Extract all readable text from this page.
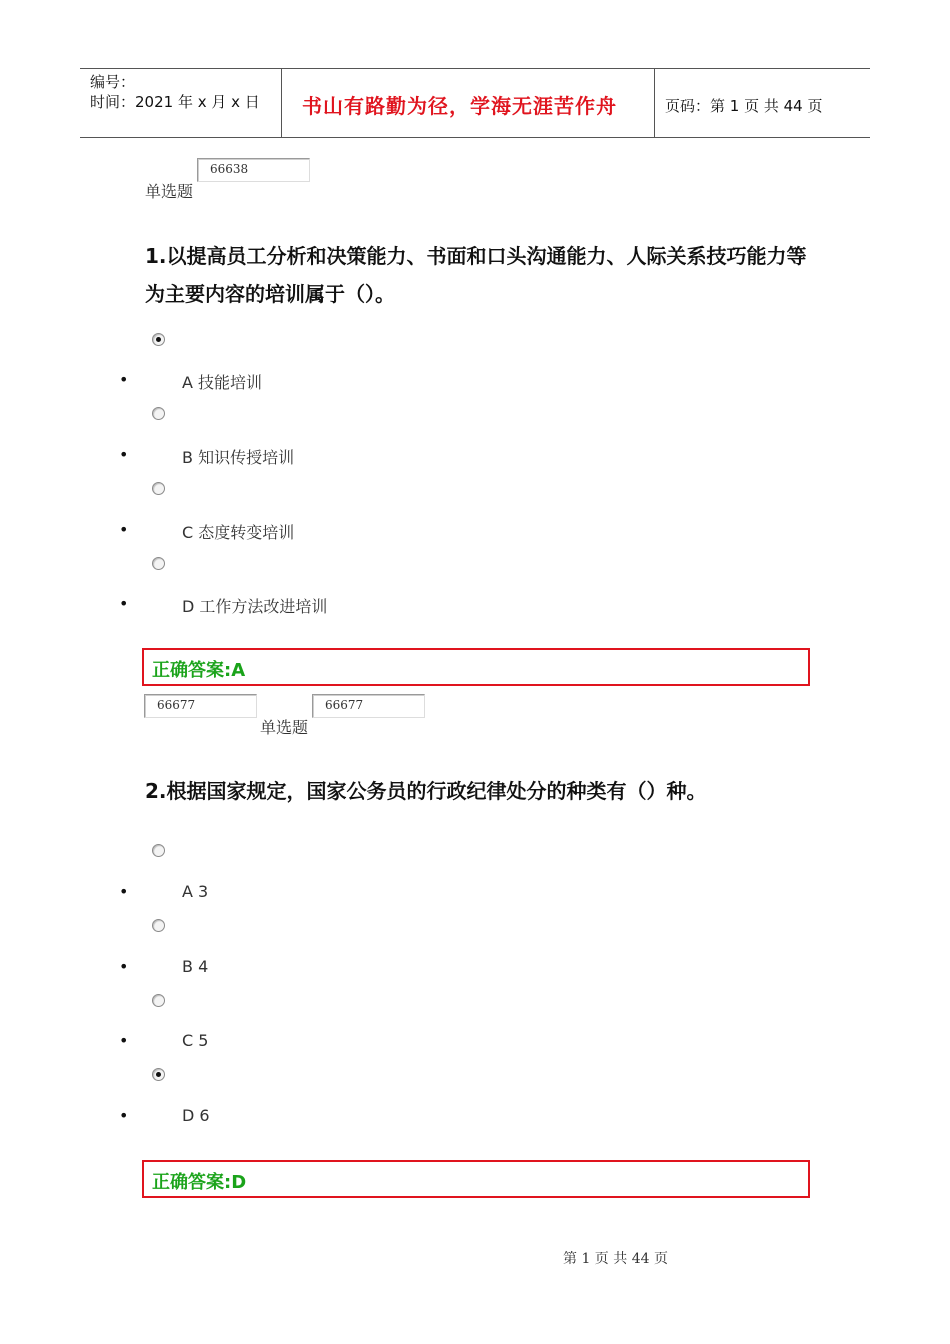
编号：
时间：2021 年 x 月 x 日 书山有路勤为径，学海无涯苦作舟	页码：第 1 页 共 44 页
66638
单选题
1.以提高员工分析和决策能力、书面和口头沟通能力、人际关系技巧能力等为主要内容的培训属于（）。
•	A 技能培训
•	B 知识传授培训
•	C 态度转变培训
•	D 工作方法改进培训
正确答案:A
66677
单选题
66677
2.根据国家规定，国家公务员的行政纪律处分的种类有（）种。
•	A 3
•	B 4
•	C 5
•	D 6
正确答案:D
第 1 页 共 44 页
